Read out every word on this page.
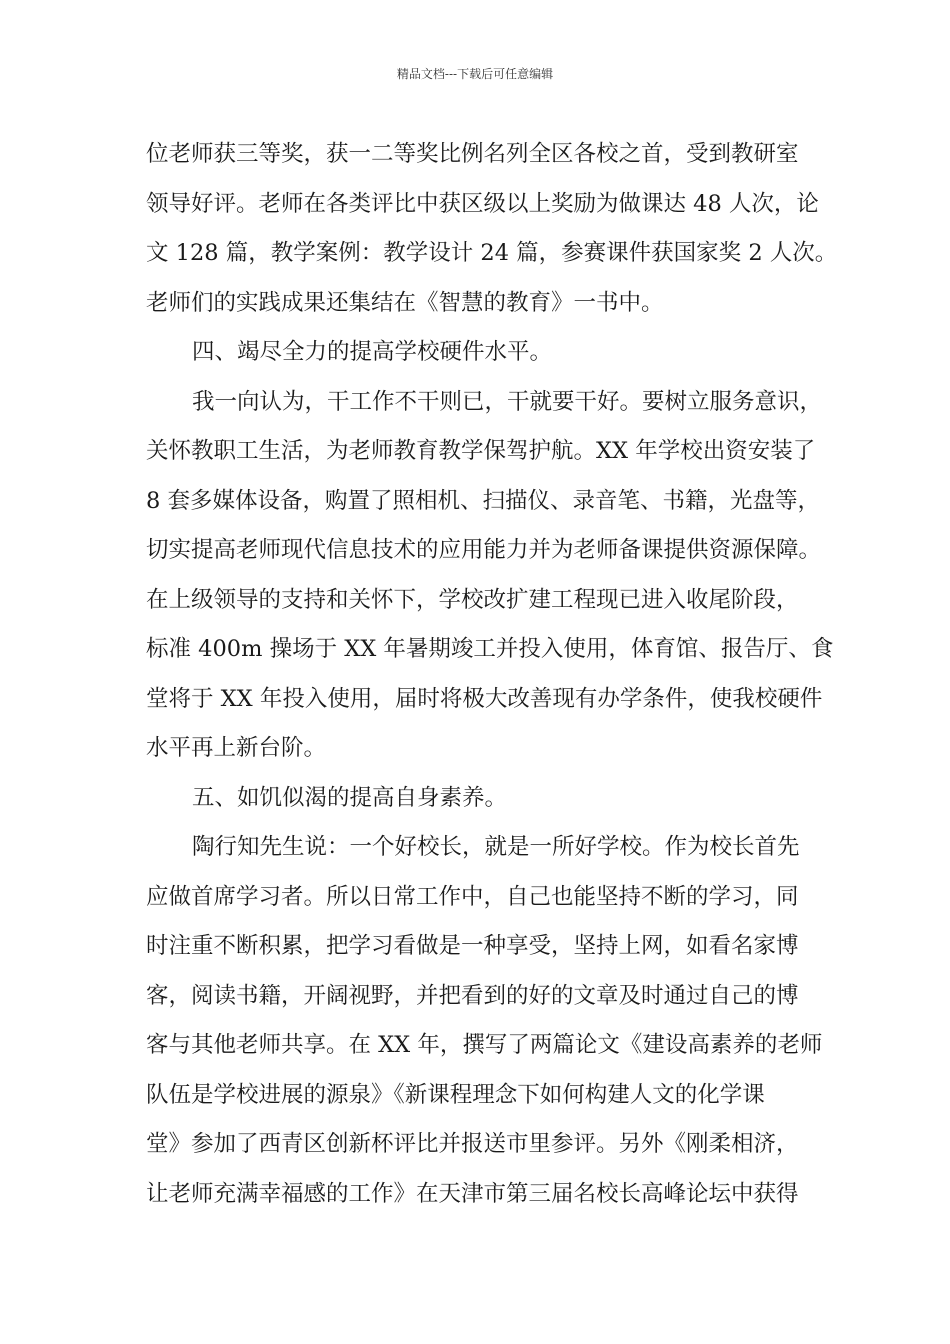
精品文档---下载后可任意编辑
位老师获三等奖，获一二等奖比例名列全区各校之首，受到教研室
领导好评。老师在各类评比中获区级以上奖励为做课达 48 人次，论
文 128 篇，教学案例：教学设计 24 篇，参赛课件获国家奖 2 人次。
老师们的实践成果还集结在《智慧的教育》一书中。
四、竭尽全力的提高学校硬件水平。
我一向认为，干工作不干则已，干就要干好。要树立服务意识，
关怀教职工生活，为老师教育教学保驾护航。XX 年学校出资安装了
8 套多媒体设备，购置了照相机、扫描仪、录音笔、书籍，光盘等，
切实提高老师现代信息技术的应用能力并为老师备课提供资源保障。
在上级领导的支持和关怀下，学校改扩建工程现已进入收尾阶段，
标准 400m 操场于 XX 年暑期竣工并投入使用，体育馆、报告厅、食
堂将于 XX 年投入使用，届时将极大改善现有办学条件，使我校硬件
水平再上新台阶。
五、如饥似渴的提高自身素养。
陶行知先生说：一个好校长，就是一所好学校。作为校长首先
应做首席学习者。所以日常工作中，自己也能坚持不断的学习，同
时注重不断积累，把学习看做是一种享受，坚持上网，如看名家博
客，阅读书籍，开阔视野，并把看到的好的文章及时通过自己的博
客与其他老师共享。在 XX 年，撰写了两篇论文《建设高素养的老师
队伍是学校进展的源泉》《新课程理念下如何构建人文的化学课
堂》参加了西青区创新杯评比并报送市里参评。另外《刚柔相济，
让老师充满幸福感的工作》在天津市第三届名校长高峰论坛中获得
